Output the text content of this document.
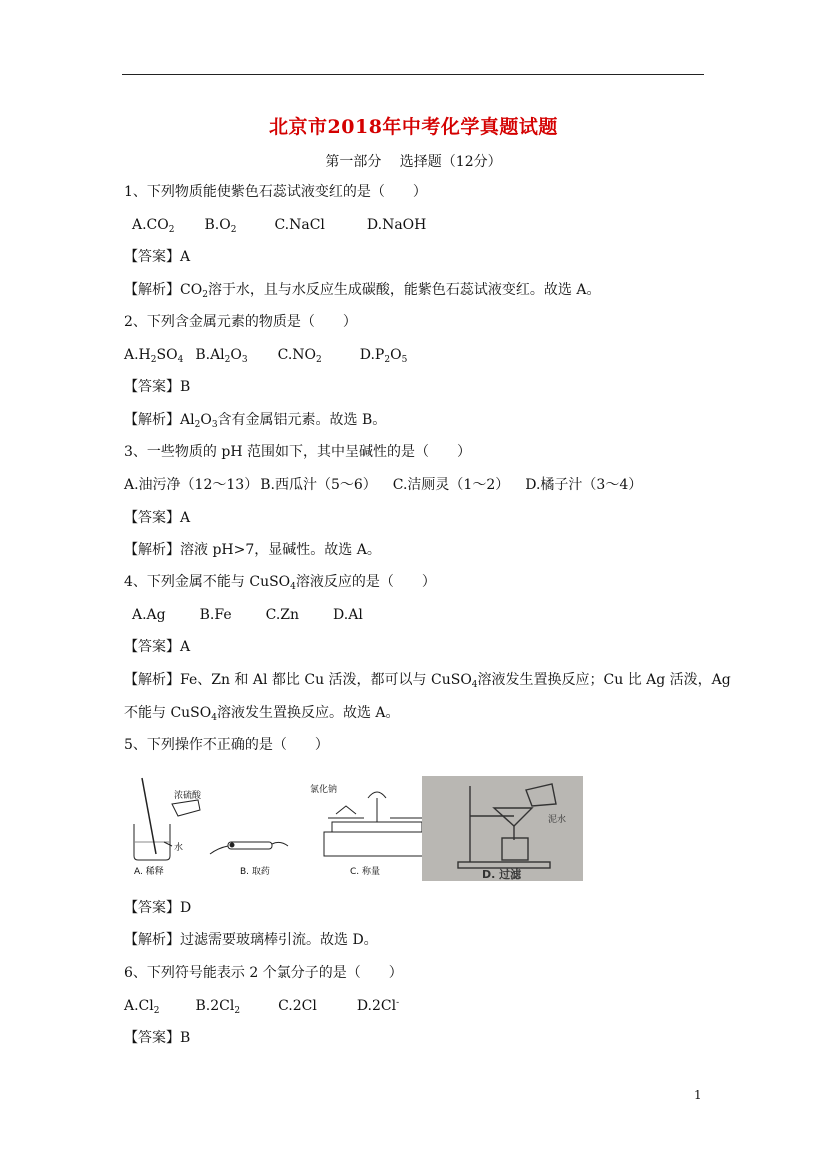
北京市2018年中考化学真题试题
第一部分　 选择题（12分）
1、下列物质能使紫色石蕊试液变红的是（　　）
$A.CO_2$ $B.O_2$	C.NaCl	D.NaOH
【答案】A
【解析】$CO_2$溶于水，且与水反应生成碳酸，能紫色石蕊试液变红。故选 A。
2、下列含金属元素的物质是（　　）
$A.H_2SO_4$ $B.Al_2O_3$ $C.NO_2$	$D.P_2O_5$
【答案】B
【解析】$Al_2O_3$含有金属铝元素。故选 B。
3、一些物质的 pH 范围如下，其中呈碱性的是（　　）
A.油污净（12～13） B.西瓜汁（5～6） C.洁厕灵（1～2） D.橘子汁（3～4）
【答案】A
【解析】溶液 pH>7，显碱性。故选 A。
4、下列金属不能与 CuSO$_4$溶液反应的是（　　）
A.Ag B.Fe C.Zn D.Al
【答案】A
【解析】Fe、Zn 和 Al 都比 Cu 活泼，都可以与 CuSO$_4$溶液发生置换反应；Cu 比 Ag 活泼，Ag
不能与 CuSO$_4$溶液发生置换反应。故选 A。
5、下列操作不正确的是（　　）
浓硫酸
水
A. 稀释	B. 取药
氯化钠
C. 称量
泥水
D. 过滤
【答案】D
【解析】过滤需要玻璃棒引流。故选 D。
6、下列符号能表示 2 个氯分子的是（　　）
$A.Cl_2$	$B.2Cl_2$	C.2Cl	D.2Cl-
【答案】B
1
